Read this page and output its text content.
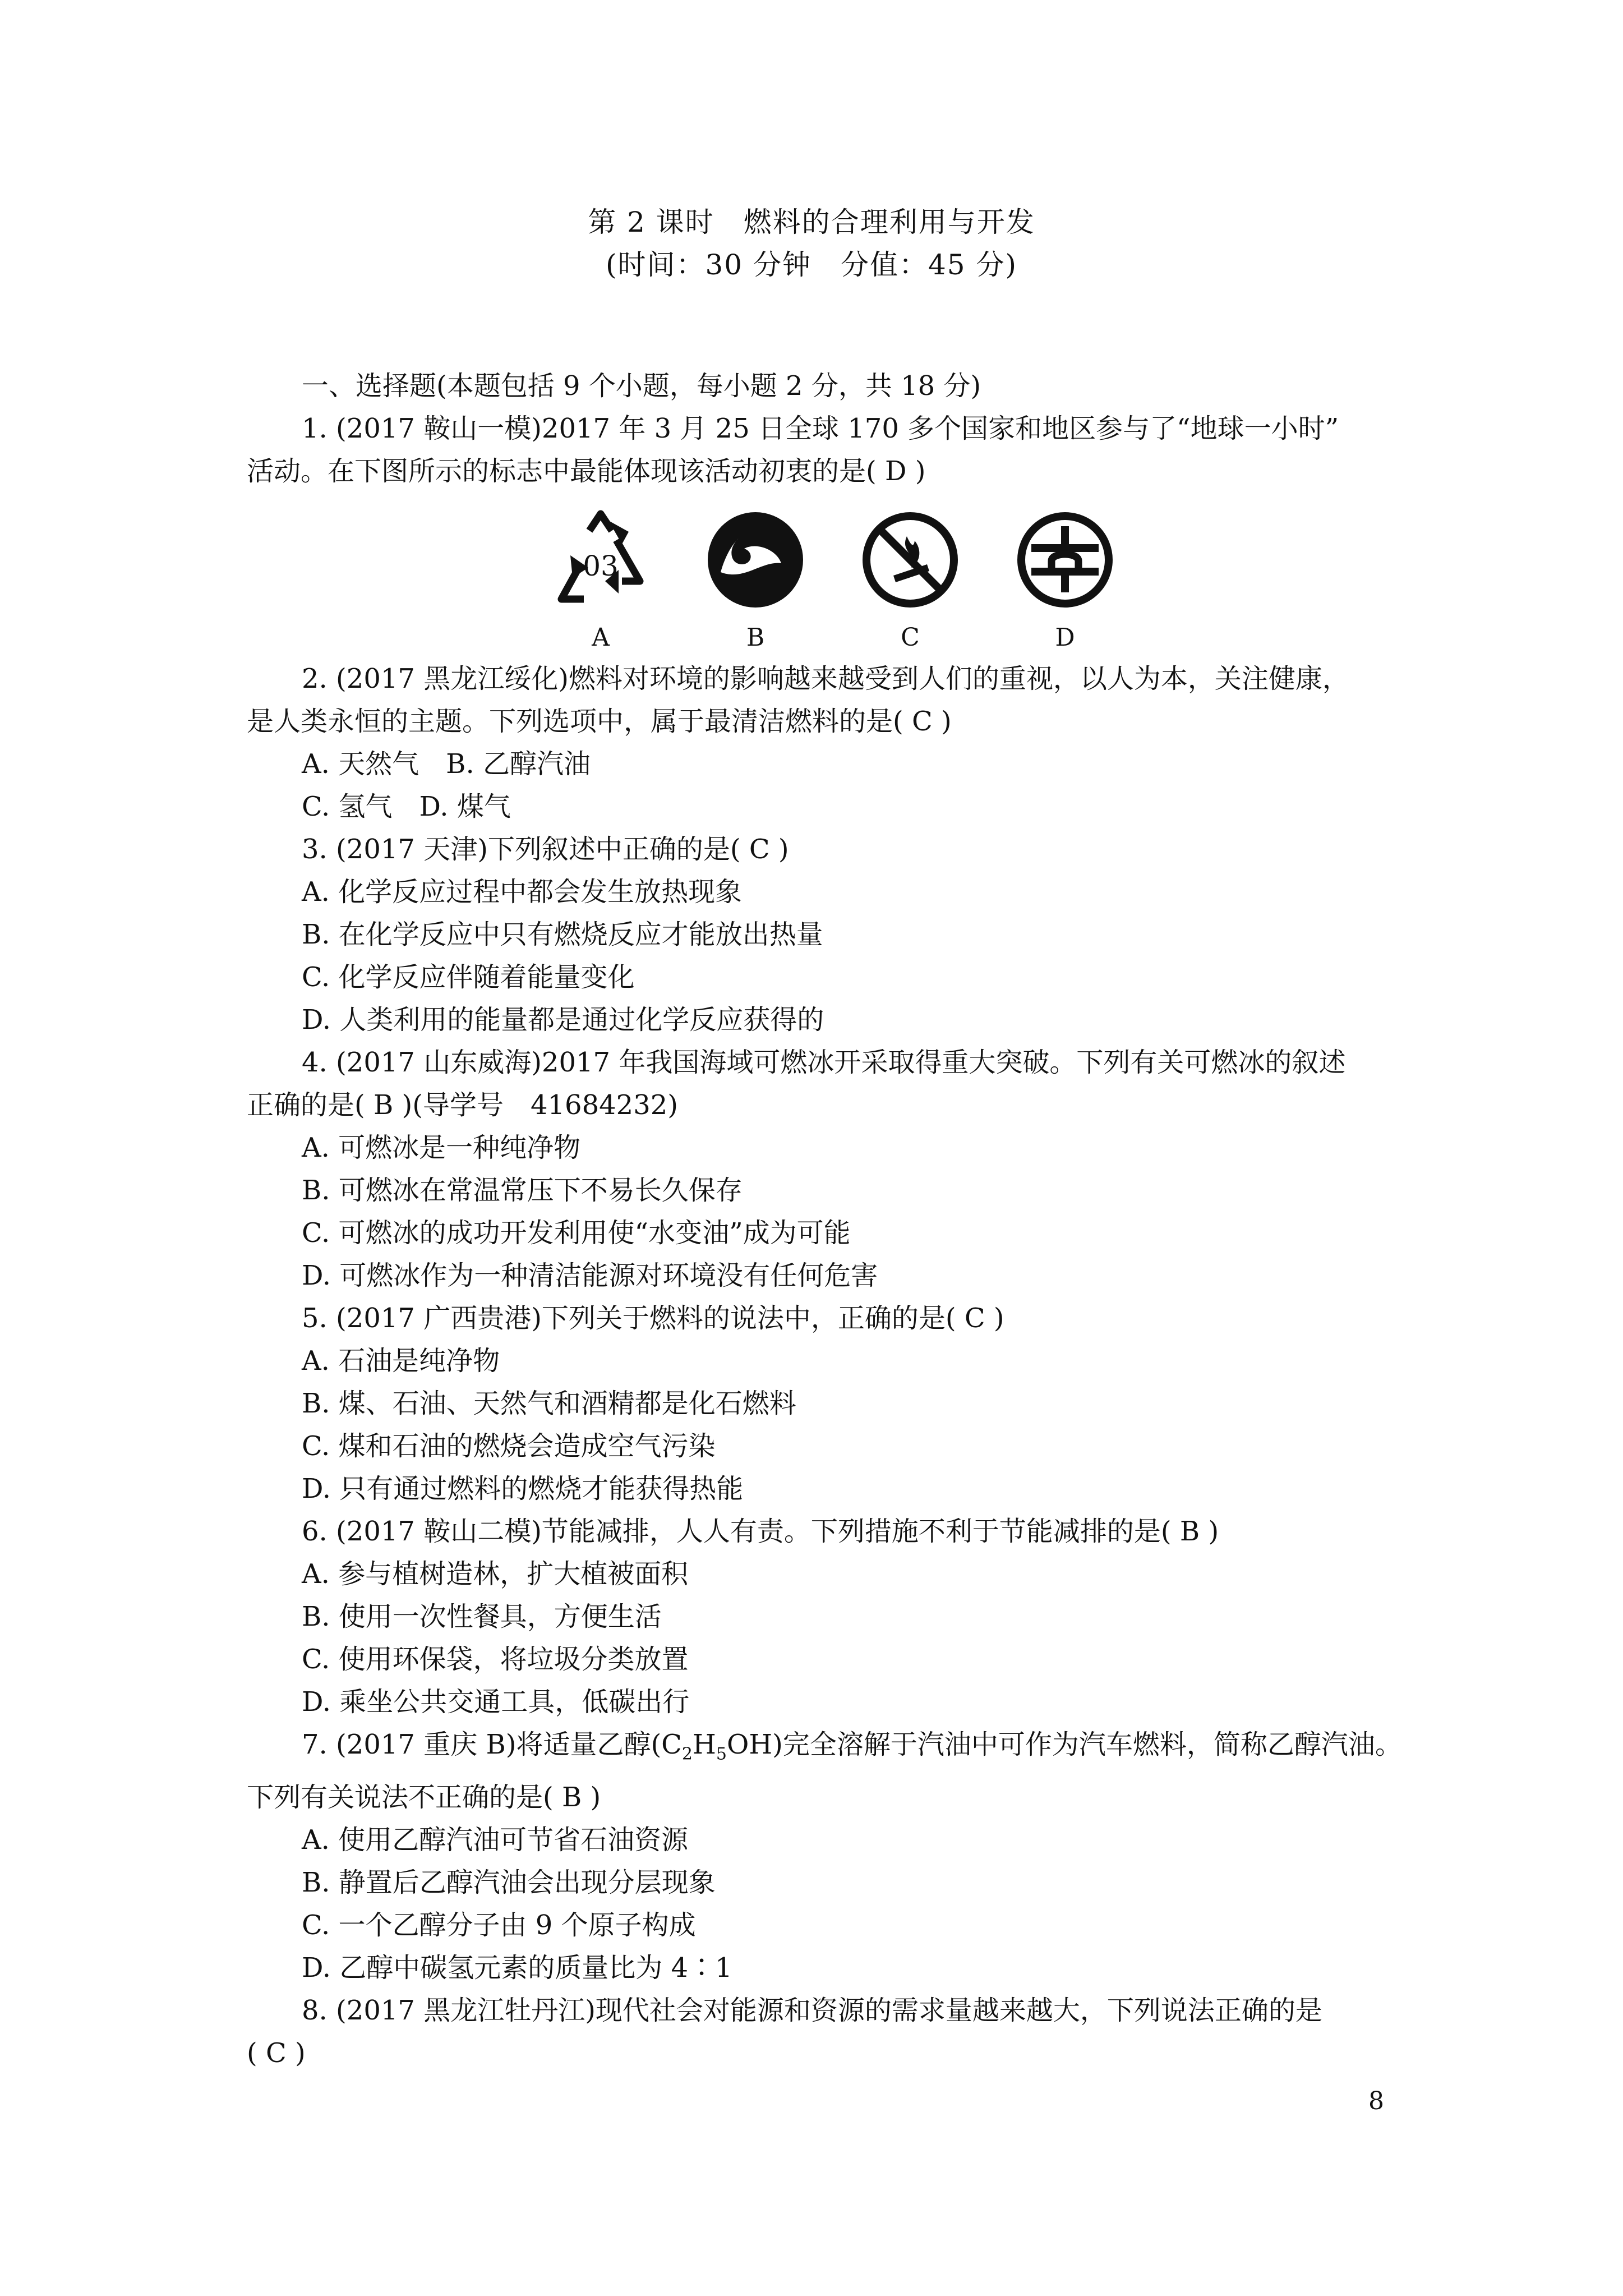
第 2 课时　燃料的合理利用与开发
(时间：30 分钟　分值：45 分)
一、选择题(本题包括 9 个小题，每小题 2 分，共 18 分)
1. (2017 鞍山一模)2017 年 3 月 25 日全球 170 多个国家和地区参与了“地球一小时”
活动。在下图所示的标志中最能体现该活动初衷的是( D )
03
A	B	C	D
2. (2017 黑龙江绥化)燃料对环境的影响越来越受到人们的重视，以人为本，关注健康，
是人类永恒的主题。下列选项中，属于最清洁燃料的是( C )
A. 天然气　B. 乙醇汽油
C. 氢气　D. 煤气
3. (2017 天津)下列叙述中正确的是( C )
A. 化学反应过程中都会发生放热现象
B. 在化学反应中只有燃烧反应才能放出热量
C. 化学反应伴随着能量变化
D. 人类利用的能量都是通过化学反应获得的
4. (2017 山东威海)2017 年我国海域可燃冰开采取得重大突破。下列有关可燃冰的叙述
正确的是( B )(导学号　41684232)
A. 可燃冰是一种纯净物
B. 可燃冰在常温常压下不易长久保存
C. 可燃冰的成功开发利用使“水变油”成为可能
D. 可燃冰作为一种清洁能源对环境没有任何危害
5. (2017 广西贵港)下列关于燃料的说法中，正确的是( C )
A. 石油是纯净物
B. 煤、石油、天然气和酒精都是化石燃料
C. 煤和石油的燃烧会造成空气污染
D. 只有通过燃料的燃烧才能获得热能
6. (2017 鞍山二模)节能减排，人人有责。下列措施不利于节能减排的是( B )
A. 参与植树造林，扩大植被面积
B. 使用一次性餐具，方便生活
C. 使用环保袋，将垃圾分类放置
D. 乘坐公共交通工具，低碳出行
7. (2017 重庆 B)将适量乙醇$(C_2H_5OH)$完全溶解于汽油中可作为汽车燃料，简称乙醇汽油。
下列有关说法不正确的是( B )
A. 使用乙醇汽油可节省石油资源
B. 静置后乙醇汽油会出现分层现象
C. 一个乙醇分子由 9 个原子构成
D. 乙醇中碳氢元素的质量比为 4∶1
8. (2017 黑龙江牡丹江)现代社会对能源和资源的需求量越来越大，下列说法正确的是
( C )
8
